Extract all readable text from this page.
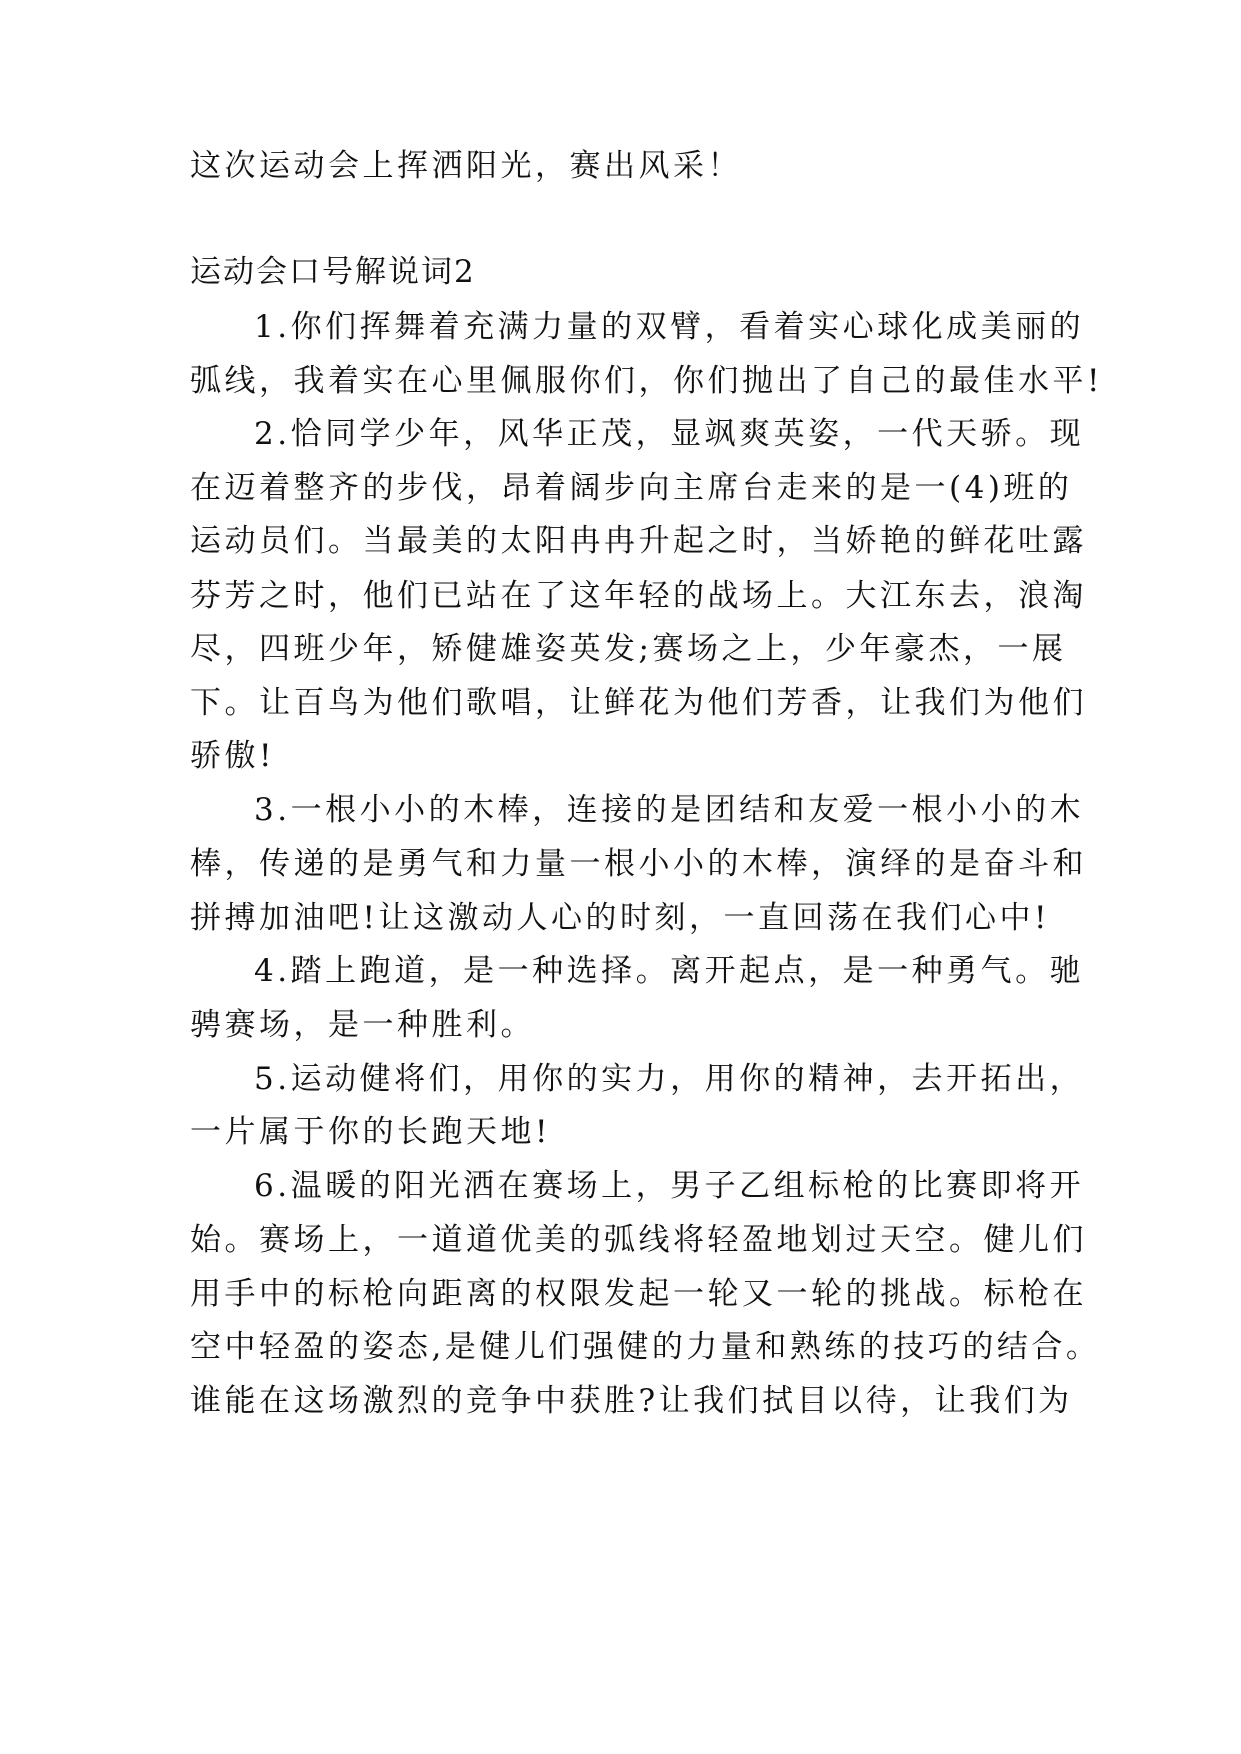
这次运动会上挥洒阳光，赛出风采！
运动会口号解说词2
1.你们挥舞着充满力量的双臂，看着实心球化成美丽的
弧线，我着实在心里佩服你们，你们抛出了自己的最佳水平!
2.恰同学少年，风华正茂，显飒爽英姿，一代天骄。现
在迈着整齐的步伐，昂着阔步向主席台走来的是一(4)班的
运动员们。当最美的太阳冉冉升起之时，当娇艳的鲜花吐露
芬芳之时，他们已站在了这年轻的战场上。大江东去，浪淘
尽，四班少年，矫健雄姿英发;赛场之上，少年豪杰，一展
下。让百鸟为他们歌唱，让鲜花为他们芳香，让我们为他们
骄傲!
3.一根小小的木棒，连接的是团结和友爱一根小小的木
棒，传递的是勇气和力量一根小小的木棒，演绎的是奋斗和
拼搏加油吧!让这激动人心的时刻，一直回荡在我们心中!
4.踏上跑道，是一种选择。离开起点，是一种勇气。驰
骋赛场，是一种胜利。
5.运动健将们，用你的实力，用你的精神，去开拓出，
一片属于你的长跑天地!
6.温暖的阳光洒在赛场上，男子乙组标枪的比赛即将开
始。赛场上，一道道优美的弧线将轻盈地划过天空。健儿们
用手中的标枪向距离的权限发起一轮又一轮的挑战。标枪在
空中轻盈的姿态,是健儿们强健的力量和熟练的技巧的结合。
谁能在这场激烈的竞争中获胜?让我们拭目以待，让我们为
